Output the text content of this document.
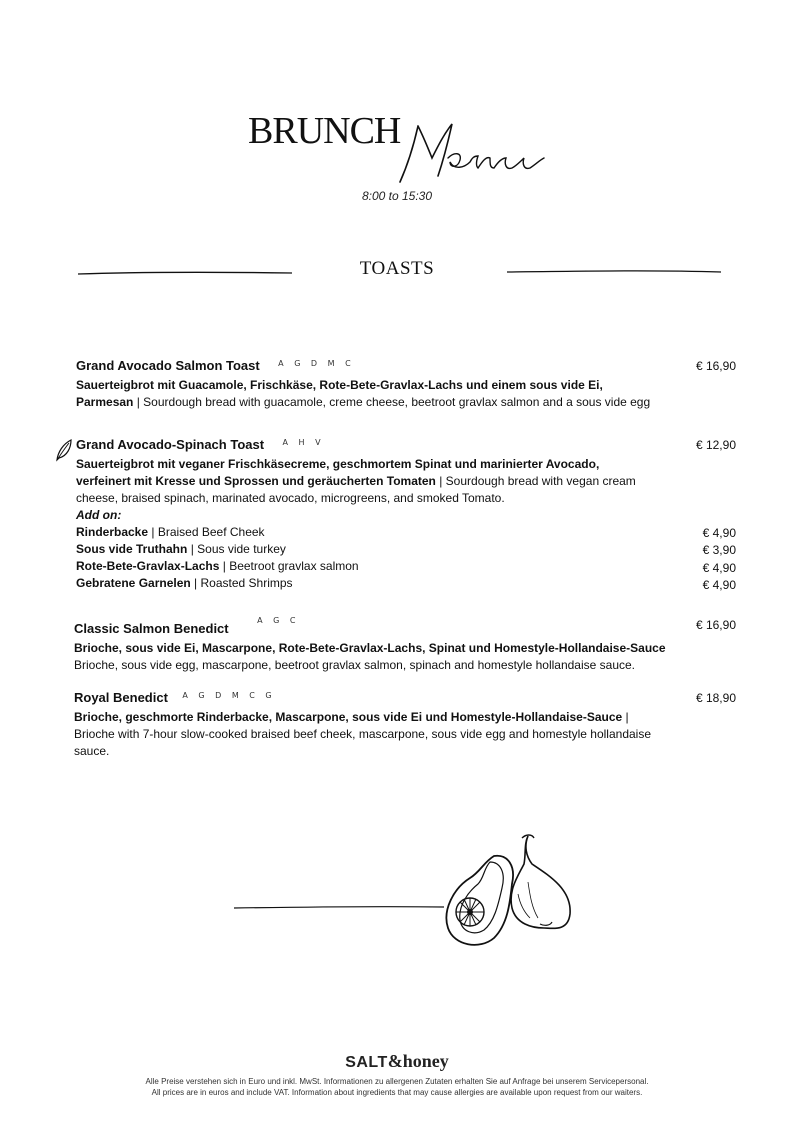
BRUNCH
8:00 to 15:30
TOASTS
Grand Avocado Salmon Toast A G D M C	€ 16,90
Sauerteigbrot mit Guacamole, Frischkäse, Rote-Bete-Gravlax-Lachs und einem sous vide Ei, Parmesan | Sourdough bread with guacamole, creme cheese, beetroot gravlax salmon and a sous vide egg
Grand Avocado-Spinach Toast A H V	€ 12,90
Sauerteigbrot mit veganer Frischkäsecreme, geschmortem Spinat und marinierter Avocado, verfeinert mit Kresse und Sprossen und geräucherten Tomaten | Sourdough bread with vegan cream cheese, braised spinach, marinated avocado, microgreens, and smoked Tomato.
Add on:
Rinderbacke | Braised Beef Cheek	€ 4,90
Sous vide Truthahn | Sous vide turkey	€ 3,90
Rote-Bete-Gravlax-Lachs | Beetroot gravlax salmon	€ 4,90
Gebratene Garnelen | Roasted Shrimps	€ 4,90
Classic Salmon Benedict A G C	€ 16,90
Brioche, sous vide Ei, Mascarpone, Rote-Bete-Gravlax-Lachs, Spinat und Homestyle-Hollandaise-Sauce
Brioche, sous vide egg, mascarpone, beetroot gravlax salmon, spinach and homestyle hollandaise sauce.
Royal Benedict A G D M C G	€ 18,90
Brioche, geschmorte Rinderbacke, Mascarpone, sous vide Ei und Homestyle-Hollandaise-Sauce | Brioche with 7-hour slow-cooked braised beef cheek, mascarpone, sous vide egg and homestyle hollandaise sauce.
SALT&honey
Alle Preise verstehen sich in Euro und inkl. MwSt. Informationen zu allergenen Zutaten erhalten Sie auf Anfrage bei unserem Servicepersonal.
All prices are in euros and include VAT. Information about ingredients that may cause allergies are available upon request from our waiters.
